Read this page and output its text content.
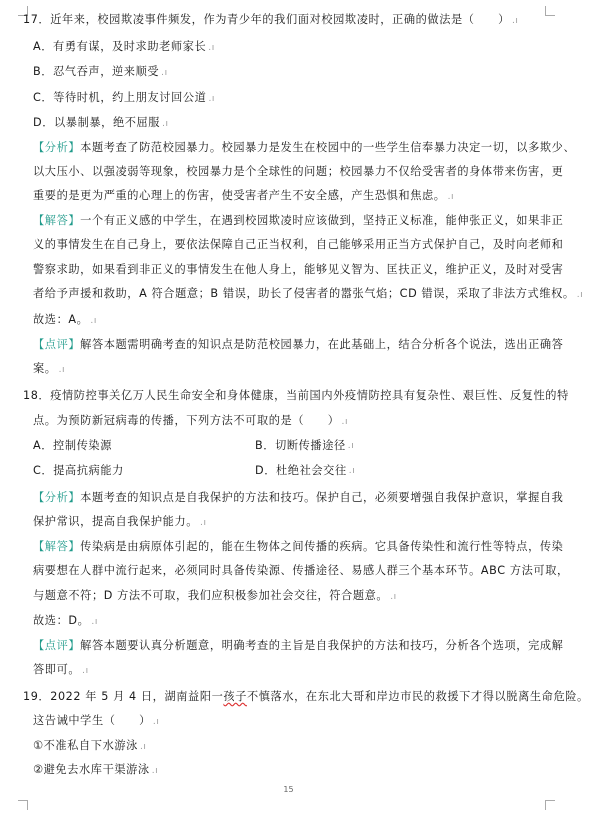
17．近年来，校园欺凌事件频发，作为青少年的我们面对校园欺凌时，正确的做法是（　　） .ı
A．有勇有谋，及时求助老师家长 .ı
B．忍气吞声，逆来顺受 .ı
C．等待时机，约上朋友讨回公道 .ı
D．以暴制暴，绝不屈服 .ı
【分析】本题考查了防范校园暴力。校园暴力是发生在校园中的一些学生信奉暴力决定一切，以多欺少、
以大压小、以强凌弱等现象，校园暴力是个全球性的问题；校园暴力不仅给受害者的身体带来伤害，更
重要的是更为严重的心理上的伤害，使受害者产生不安全感，产生恐惧和焦虑。 .ı
【解答】一个有正义感的中学生，在遇到校园欺凌时应该做到，坚持正义标准，能伸张正义，如果非正
义的事情发生在自己身上，要依法保障自己正当权利，自己能够采用正当方式保护自己，及时向老师和
警察求助，如果看到非正义的事情发生在他人身上，能够见义智为、匡扶正义，维护正义，及时对受害
者给予声援和救助，A 符合题意；B 错误，助长了侵害者的嚣张气焰；CD 错误，采取了非法方式维权。 .ı
故选：A。 .ı
【点评】解答本题需明确考查的知识点是防范校园暴力，在此基础上，结合分析各个说法，选出正确答
案。 .ı
18．疫情防控事关亿万人民生命安全和身体健康，当前国内外疫情防控具有复杂性、艰巨性、反复性的特
点。为预防新冠病毒的传播，下列方法不可取的是（　　） .ı
A．控制传染源	B．切断传播途径 .ı
C．提高抗病能力	D．杜绝社会交往 .ı
【分析】本题考查的知识点是自我保护的方法和技巧。保护自己，必须要增强自我保护意识，掌握自我
保护常识，提高自我保护能力。 .ı
【解答】传染病是由病原体引起的，能在生物体之间传播的疾病。它具备传染性和流行性等特点，传染
病要想在人群中流行起来，必须同时具备传染源、传播途径、易感人群三个基本环节。ABC 方法可取，
与题意不符；D 方法不可取，我们应积极参加社会交往，符合题意。 .ı
故选：D。 .ı
【点评】解答本题要认真分析题意，明确考查的主旨是自我保护的方法和技巧，分析各个选项，完成解
答即可。 .ı
19．2022 年 5 月 4 日，湖南益阳一孩子不慎落水，在东北大哥和岸边市民的救援下才得以脱离生命危险。
这告诫中学生（　　） .ı
①不准私自下水游泳 .ı
②避免去水库干渠游泳 .ı
15
